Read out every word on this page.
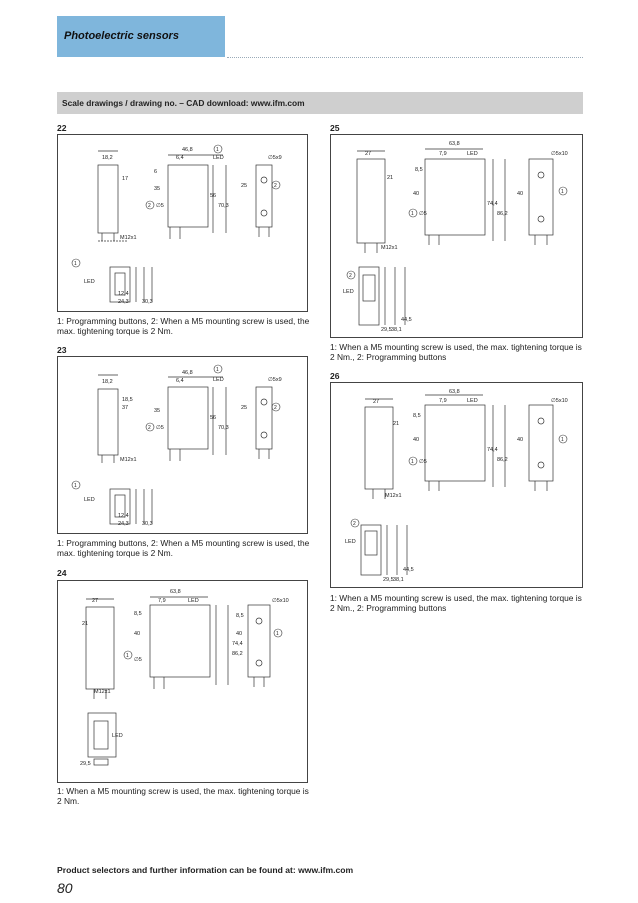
Photoelectric sensors
Scale drawings / drawing no. – CAD download: www.ifm.com
22
1
2
2
1
46,8
6,4	LED
18,2	∅5x9
M12x1
17
35
56
70,3
25
6
∅5
LED
12,4
24,3 30,3
1: Programming buttons, 2: When a M5 mounting screw is used, the max. tightening torque is 2 Nm.
23
1
2
2
1
46,8
6,4	LED
18,2	∅5x9
M12x1
18,5
35
56
70,3
25
37
∅5
LED
12,4
24,3 30,3
1: Programming buttons, 2: When a M5 mounting screw is used, the max. tightening torque is 2 Nm.
24
1
1
63,8
7,9	LED
27	∅5x10
M12x1
21
40
8,5
74,4
86,2
40
∅5
8,5
29,5
LED
1: When a M5 mounting screw is used, the max. tightening torque is 2 Nm.
25
1
1
2
63,8
7,9	LED
27	∅5x10
M12x1
21
40
8,5
74,4
86,2
40
∅5
LED
29,5 38,1
44,5
1: When a M5 mounting screw is used, the max. tightening torque is 2 Nm., 2: Programming buttons
26
1
1
2
63,8
7,9	LED
27	∅5x10
M12x1
21
40
8,5
74,4
86,2
40
∅5
LED
29,5 38,1
44,5
1: When a M5 mounting screw is used, the max. tightening torque is 2 Nm., 2: Programming buttons
Product selectors and further information can be found at: www.ifm.com
80
